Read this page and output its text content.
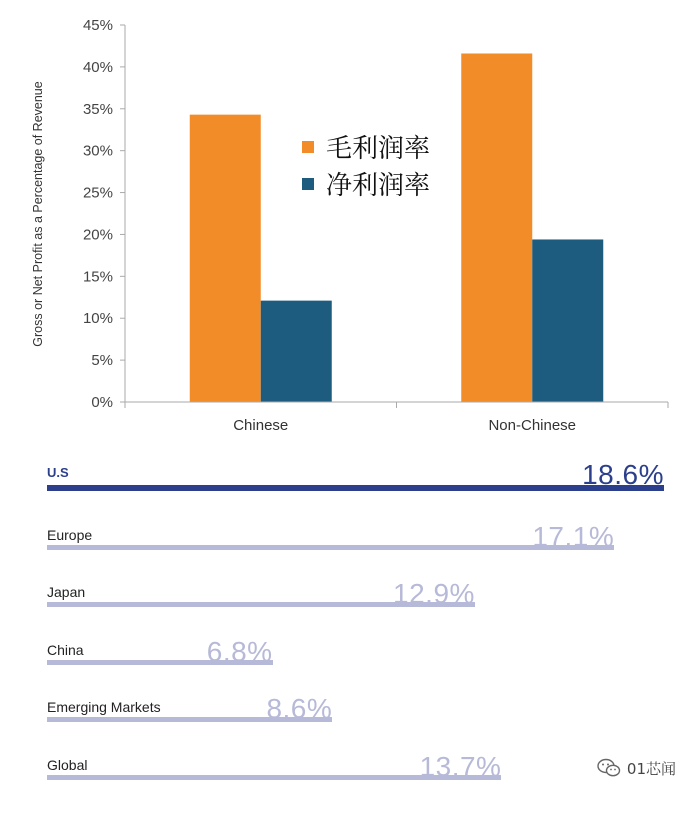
0%
5%
10%
15%
20%
25%
30%
35%
40%
45%
Chinese	Non-Chinese
Gross or Net Profit as a Percentage of Revenue	毛利润率
净利润率
U.S	18.6%
Europe	17.1%
Japan	12.9%
China	6.8%
Emerging Markets	8.6%
Global	13.7%	01芯闻
